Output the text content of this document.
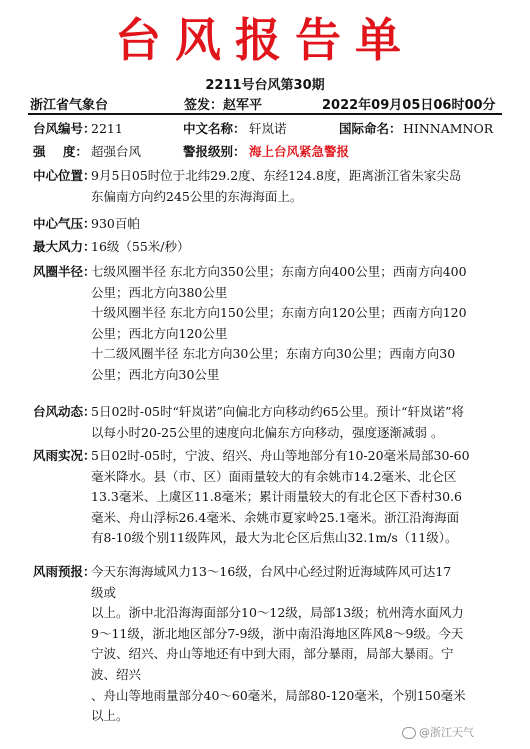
台风报告单
2211号台风第30期
浙江省气象台	签发：赵军平	2022年09月05日06时00分
台风编号：
2211	中文名称： 轩岚诺	国际命名： HINNAMNOR
强    度： 超强台风	警报级别： 海上台风紧急警报
中心位置：
9月5日05时位于北纬29.2度、东经124.8度，距离浙江省朱家尖岛
东偏南方向约245公里的东海海面上。
中心气压：
930百帕
最大风力：
16级（55米/秒）
风圈半径：
七级风圈半径 东北方向350公里；东南方向400公里；西南方向400
公里；西北方向380公里
十级风圈半径 东北方向150公里；东南方向120公里；西南方向120
公里；西北方向120公里
十二级风圈半径 东北方向30公里；东南方向30公里；西南方向30
公里；西北方向30公里
台风动态：
5日02时-05时“轩岚诺”向偏北方向移动约65公里。预计“轩岚诺”将
以每小时20-25公里的速度向北偏东方向移动，强度逐渐减弱 。
风雨实况：
5日02时-05时，宁波、绍兴、舟山等地部分有10-20毫米局部30-60
毫米降水。县（市、区）面雨量较大的有余姚市14.2毫米、北仑区
13.3毫米、上虞区11.8毫米；累计雨量较大的有北仑区下香村30.6
毫米、舟山浮标26.4毫米、余姚市夏家岭25.1毫米。浙江沿海海面
有8-10级个别11级阵风，最大为北仑区后焦山32.1m/s（11级）。
风雨预报：
今天东海海域风力13～16级，台风中心经过附近海域阵风可达17
级或
以上。浙中北沿海海面部分10～12级，局部13级；杭州湾水面风力
9～11级，浙北地区部分7-9级，浙中南沿海地区阵风8～9级。今天
宁波、绍兴、舟山等地还有中到大雨，部分暴雨，局部大暴雨。宁
波、绍兴
、舟山等地雨量部分40～60毫米，局部80-120毫米，个别150毫米
以上。
@浙江天气
